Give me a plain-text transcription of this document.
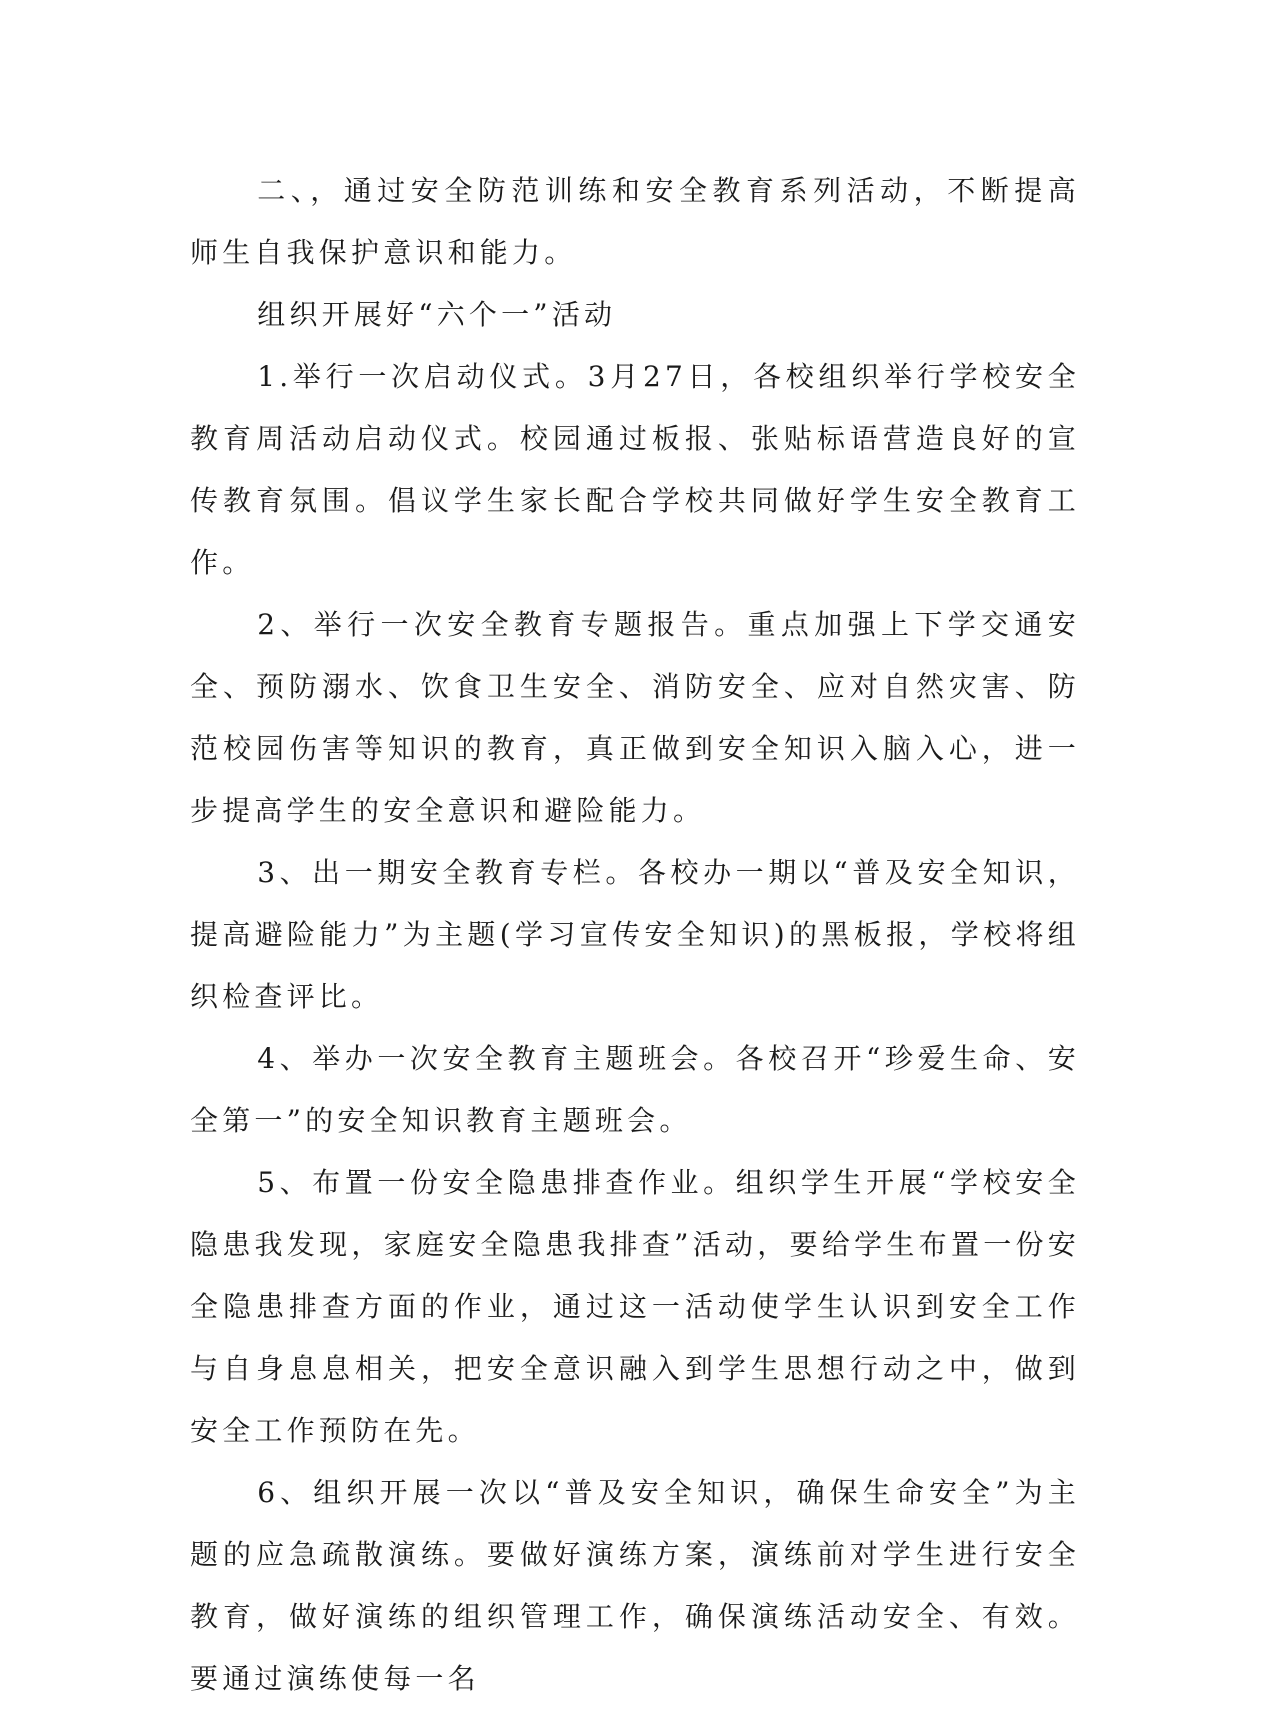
二、，通过安全防范训练和安全教育系列活动，不断提高师生自我保护意识和能力。

组织开展好“六个一”活动

1.举行一次启动仪式。3月27日，各校组织举行学校安全教育周活动启动仪式。校园通过板报、张贴标语营造良好的宣传教育氛围。倡议学生家长配合学校共同做好学生安全教育工作。

2、举行一次安全教育专题报告。重点加强上下学交通安全、预防溺水、饮食卫生安全、消防安全、应对自然灾害、防范校园伤害等知识的教育，真正做到安全知识入脑入心，进一步提高学生的安全意识和避险能力。

3、出一期安全教育专栏。各校办一期以“普及安全知识，提高避险能力”为主题(学习宣传安全知识)的黑板报，学校将组织检查评比。

4、举办一次安全教育主题班会。各校召开“珍爱生命、安全第一”的安全知识教育主题班会。

5、布置一份安全隐患排查作业。组织学生开展“学校安全隐患我发现，家庭安全隐患我排查”活动，要给学生布置一份安全隐患排查方面的作业，通过这一活动使学生认识到安全工作与自身息息相关，把安全意识融入到学生思想行动之中，做到安全工作预防在先。

6、组织开展一次以“普及安全知识，确保生命安全”为主题的应急疏散演练。要做好演练方案，演练前对学生进行安全教育，做好演练的组织管理工作，确保演练活动安全、有效。要通过演练使每一名
